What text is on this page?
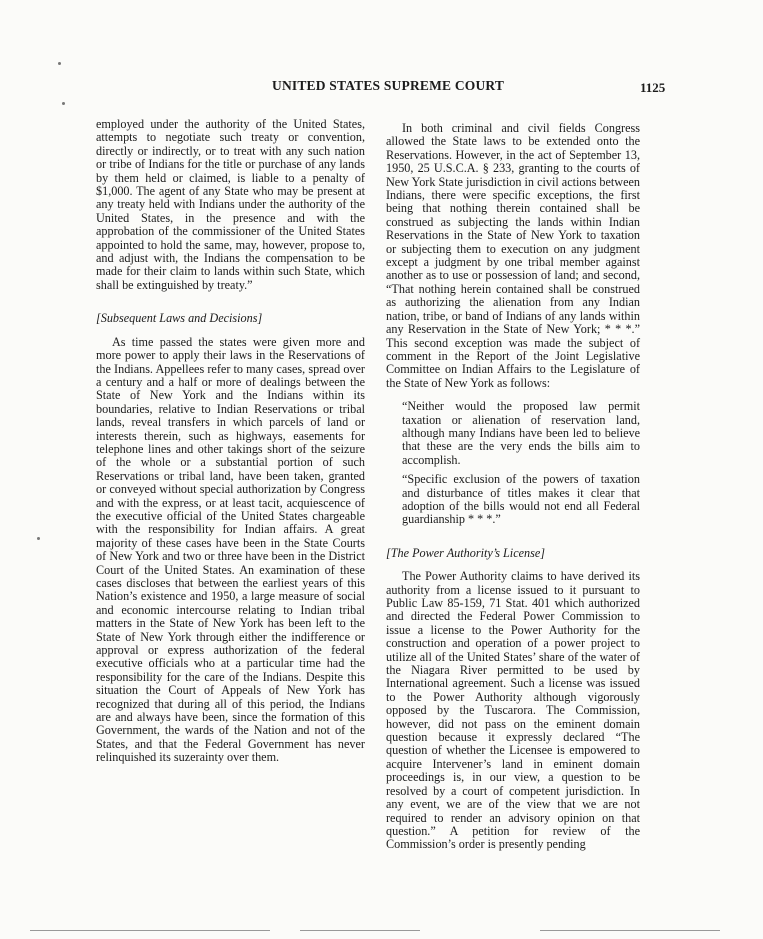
UNITED STATES SUPREME COURT	1125

employed under the authority of the United States, attempts to negotiate such treaty or convention, directly or indirectly, or to treat with any such nation or tribe of Indians for the title or purchase of any lands by them held or claimed, is liable to a penalty of $1,000. The agent of any State who may be present at any treaty held with Indians under the authority of the United States, in the presence and with the approbation of the commissioner of the United States appointed to hold the same, may, however, propose to, and adjust with, the Indians the compensation to be made for their claim to lands within such State, which shall be extinguished by treaty.”

[Subsequent Laws and Decisions]

As time passed the states were given more and more power to apply their laws in the Reservations of the Indians. Appellees refer to many cases, spread over a century and a half or more of dealings between the State of New York and the Indians within its boundaries, relative to Indian Reservations or tribal lands, reveal transfers in which parcels of land or interests therein, such as highways, easements for telephone lines and other takings short of the seizure of the whole or a substantial portion of such Reservations or tribal land, have been taken, granted or conveyed without special authorization by Congress and with the express, or at least tacit, acquiescence of the executive official of the United States chargeable with the responsibility for Indian affairs. A great majority of these cases have been in the State Courts of New York and two or three have been in the District Court of the United States. An examination of these cases discloses that between the earliest years of this Nation’s existence and 1950, a large measure of social and economic intercourse relating to Indian tribal matters in the State of New York has been left to the State of New York through either the indifference or approval or express authorization of the federal executive officials who at a particular time had the responsibility for the care of the Indians. Despite this situation the Court of Appeals of New York has recognized that during all of this period, the Indians are and always have been, since the formation of this Government, the wards of the Nation and not of the States, and that the Federal Government has never relinquished its suzerainty over them.

In both criminal and civil fields Congress allowed the State laws to be extended onto the Reservations. However, in the act of September 13, 1950, 25 U.S.C.A. § 233, granting to the courts of New York State jurisdiction in civil actions between Indians, there were specific exceptions, the first being that nothing therein contained shall be construed as subjecting the lands within Indian Reservations in the State of New York to taxation or subjecting them to execution on any judgment except a judgment by one tribal member against another as to use or possession of land; and second, “That nothing herein contained shall be construed as authorizing the alienation from any Indian nation, tribe, or band of Indians of any lands within any Reservation in the State of New York; * * *.” This second exception was made the subject of comment in the Report of the Joint Legislative Committee on Indian Affairs to the Legislature of the State of New York as follows:

“Neither would the proposed law permit taxation or alienation of reservation land, although many Indians have been led to believe that these are the very ends the bills aim to accomplish.

“Specific exclusion of the powers of taxation and disturbance of titles makes it clear that adoption of the bills would not end all Federal guardianship * * *.”

[The Power Authority’s License]

The Power Authority claims to have derived its authority from a license issued to it pursuant to Public Law 85-159, 71 Stat. 401 which authorized and directed the Federal Power Commission to issue a license to the Power Authority for the construction and operation of a power project to utilize all of the United States’ share of the water of the Niagara River permitted to be used by International agreement. Such a license was issued to the Power Authority although vigorously opposed by the Tuscarora. The Commission, however, did not pass on the eminent domain question because it expressly declared “The question of whether the Licensee is empowered to acquire Intervener’s land in eminent domain proceedings is, in our view, a question to be resolved by a court of competent jurisdiction. In any event, we are of the view that we are not required to render an advisory opinion on that question.” A petition for review of the Commission’s order is presently pending
